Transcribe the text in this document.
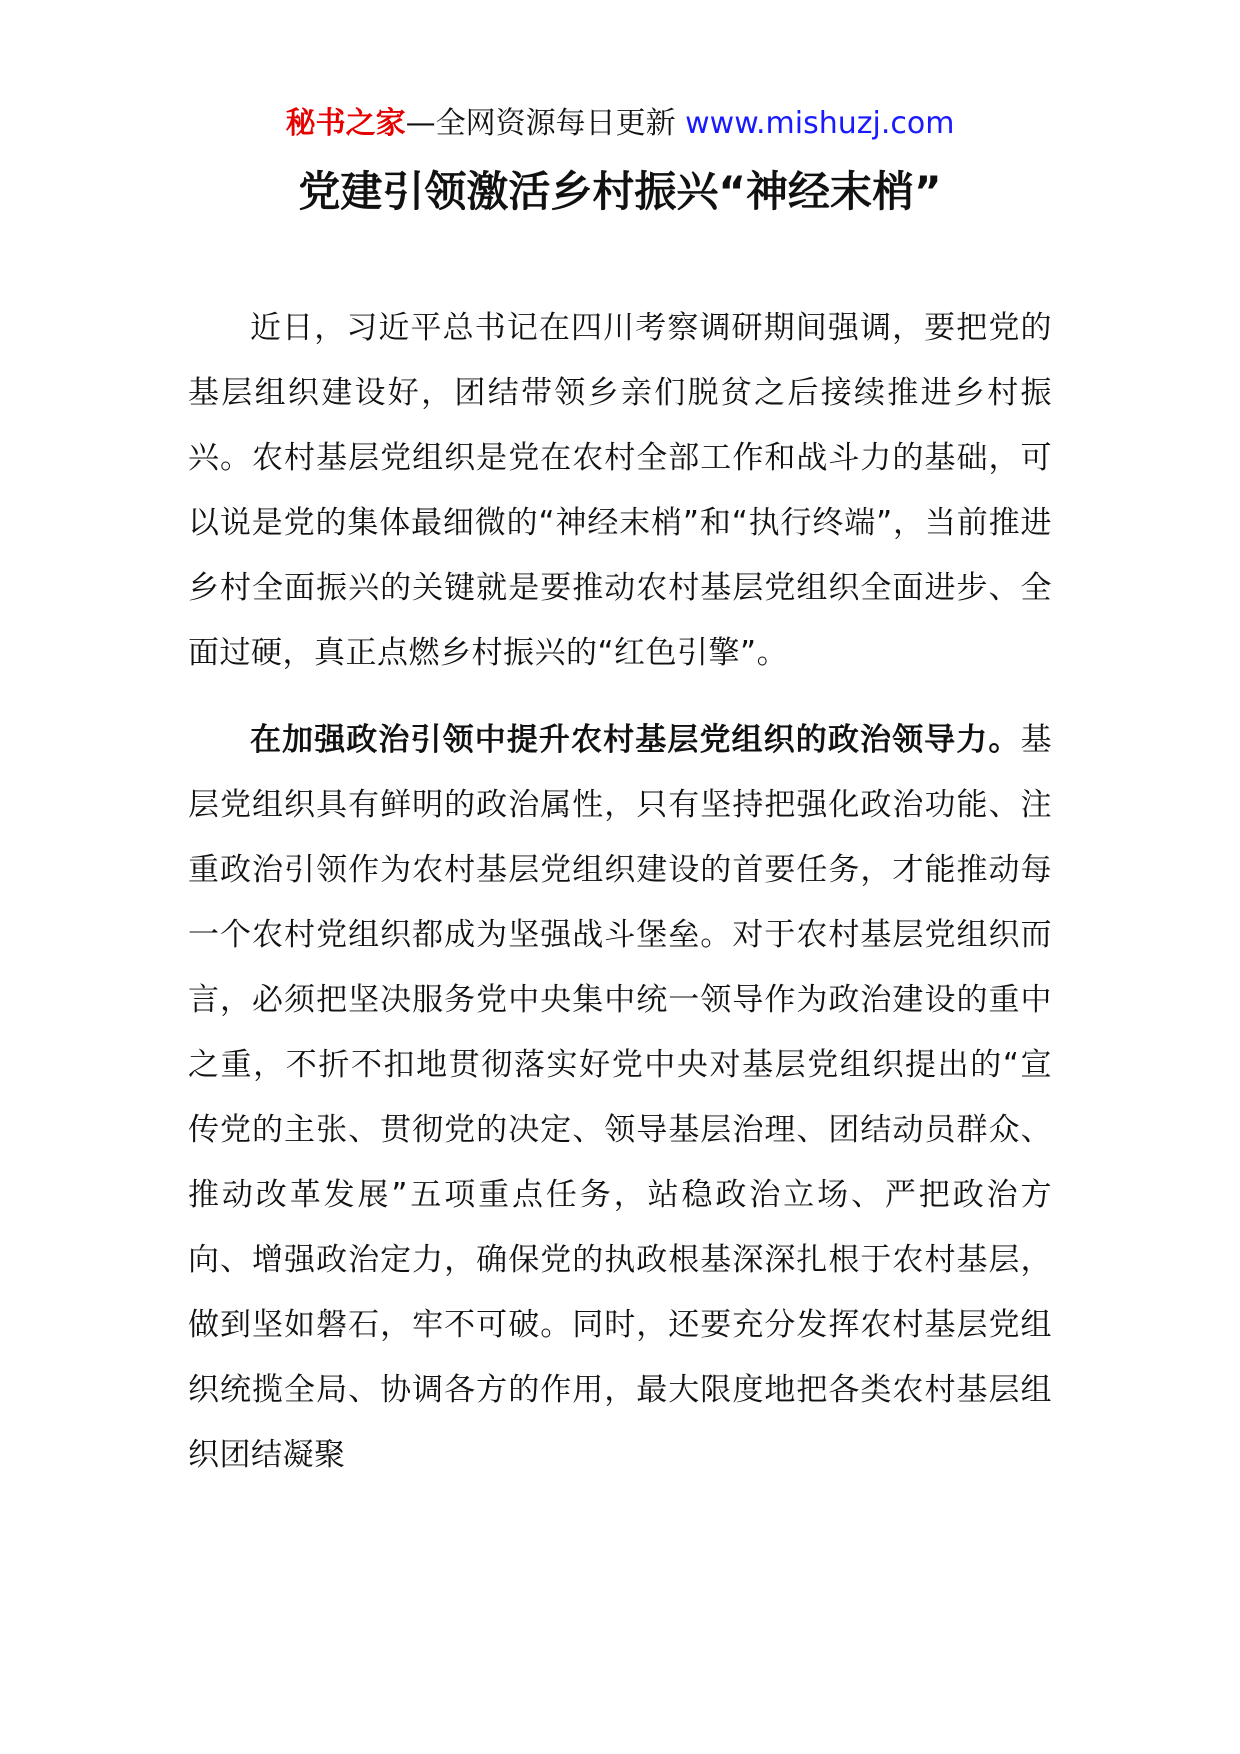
秘书之家—全网资源每日更新 www.mishuzj.com
党建引领激活乡村振兴“神经末梢”

近日，习近平总书记在四川考察调研期间强调，要把党的基层组织建设好，团结带领乡亲们脱贫之后接续推进乡村振兴。农村基层党组织是党在农村全部工作和战斗力的基础，可以说是党的集体最细微的“神经末梢”和“执行终端”，当前推进乡村全面振兴的关键就是要推动农村基层党组织全面进步、全面过硬，真正点燃乡村振兴的“红色引擎”。

在加强政治引领中提升农村基层党组织的政治领导力。基层党组织具有鲜明的政治属性，只有坚持把强化政治功能、注重政治引领作为农村基层党组织建设的首要任务，才能推动每一个农村党组织都成为坚强战斗堡垒。对于农村基层党组织而言，必须把坚决服务党中央集中统一领导作为政治建设的重中之重，不折不扣地贯彻落实好党中央对基层党组织提出的“宣传党的主张、贯彻党的决定、领导基层治理、团结动员群众、推动改革发展”五项重点任务，站稳政治立场、严把政治方向、增强政治定力，确保党的执政根基深深扎根于农村基层，做到坚如磐石，牢不可破。同时，还要充分发挥农村基层党组织统揽全局、协调各方的作用，最大限度地把各类农村基层组织团结凝聚
